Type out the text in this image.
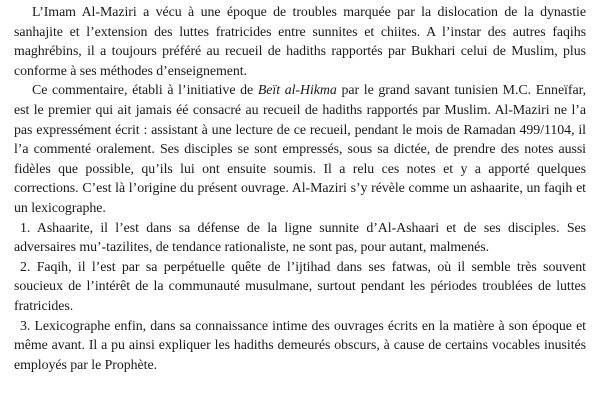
L’Imam Al-Maziri a vécu à une époque de troubles marquée par la dislocation de la dynastie sanhajite et l’extension des luttes fratricides entre sunnites et chiites. A l’instar des autres faqihs maghrébins, il a toujours préféré au recueil de hadiths rapportés par Bukhari celui de Muslim, plus conforme à ses méthodes d’enseignement.

Ce commentaire, établi à l’initiative de Beït al-Hikma par le grand savant tunisien M.C. Enneïfar, est le premier qui ait jamais éé consacré au recueil de hadiths rapportés par Muslim. Al-Maziri ne l’a pas expressément écrit : assistant à une lecture de ce recueil, pendant le mois de Ramadan 499/1104, il l’a commenté oralement. Ses disciples se sont empressés, sous sa dictée, de prendre des notes aussi fidèles que possible, qu’ils lui ont ensuite soumis. Il a relu ces notes et y a apporté quelques corrections. C’est là l’origine du présent ouvrage. Al-Maziri s’y révèle comme un ashaarite, un faqih et un lexicographe.

1. Ashaarite, il l’est dans sa défense de la ligne sunnite d’Al-Ashaari et de ses disciples. Ses adversaires mu’-tazilites, de tendance rationaliste, ne sont pas, pour autant, malmenés.

2. Faqih, il l’est par sa perpétuelle quête de l’ijtihad dans ses fatwas, où il semble très souvent soucieux de l’intérêt de la communauté musulmane, surtout pendant les périodes troublées de luttes fratricides.

3. Lexicographe enfin, dans sa connaissance intime des ouvrages écrits en la matière à son époque et même avant. Il a pu ainsi expliquer les hadiths demeurés obscurs, à cause de certains vocables inusités employés par le Prophète.
